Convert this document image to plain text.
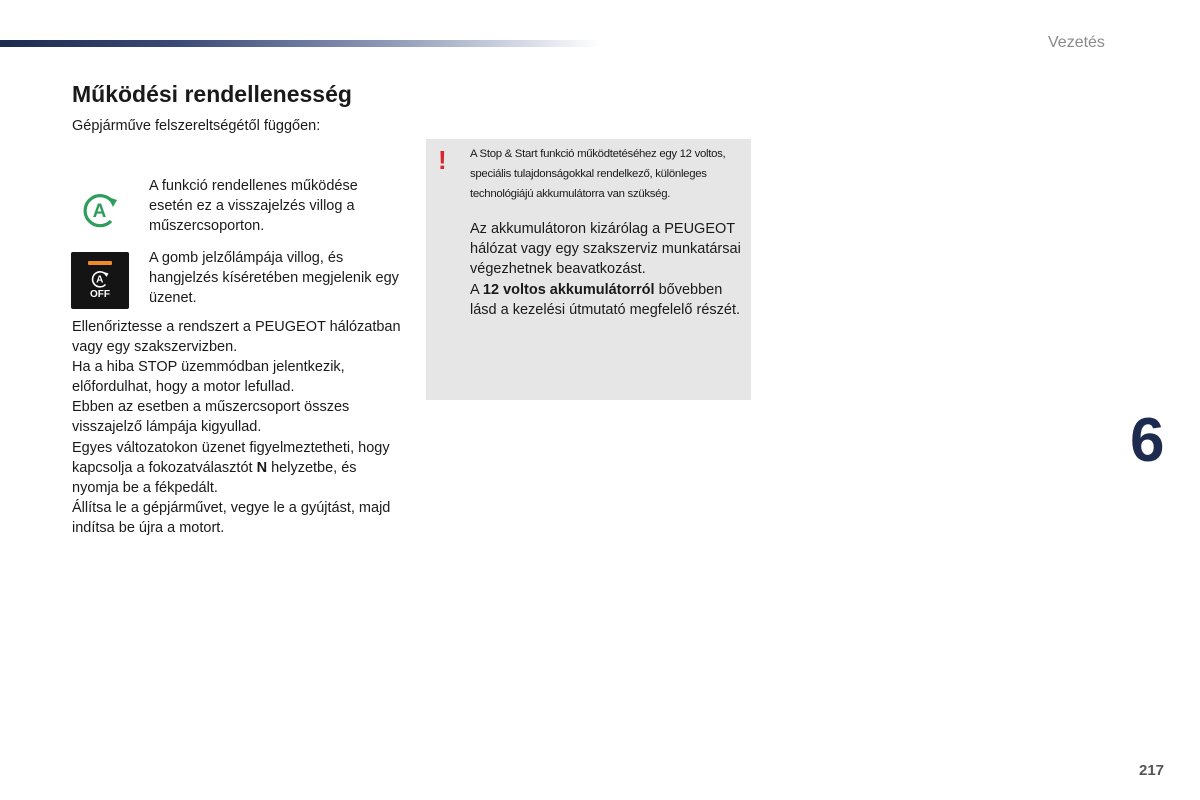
Vezetés
Működési rendellenesség
Gépjárműve felszereltségétől függően:
A
A funkció rendellenes működése esetén ez a visszajelzés villog a műszercsoporton.
A
OFF
A gomb jelzőlámpája villog, és hangjelzés kíséretében megjelenik egy üzenet.

Ellenőriztesse a rendszert a PEUGEOT hálózatban vagy egy szakszervizben.

Ha a hiba STOP üzemmódban jelentkezik, előfordulhat, hogy a motor lefullad.

Ebben az esetben a műszercsoport összes visszajelző lámpája kigyullad.

Egyes változatokon üzenet figyelmeztetheti, hogy kapcsolja a fokozatválasztót N helyzetbe, és nyomja be a fékpedált.

Állítsa le a gépjárművet, vegye le a gyújtást, majd indítsa be újra a motort.

! A Stop & Start funkció működtetéséhez egy 12 voltos, speciális tulajdonságokkal rendelkező, különleges technológiájú akkumulátorra van szükség.

Az akkumulátoron kizárólag a PEUGEOT hálózat vagy egy szakszerviz munkatársai végezhetnek beavatkozást.

A 12 voltos akkumulátorról bővebben lásd a kezelési útmutató megfelelő részét.

6
217
